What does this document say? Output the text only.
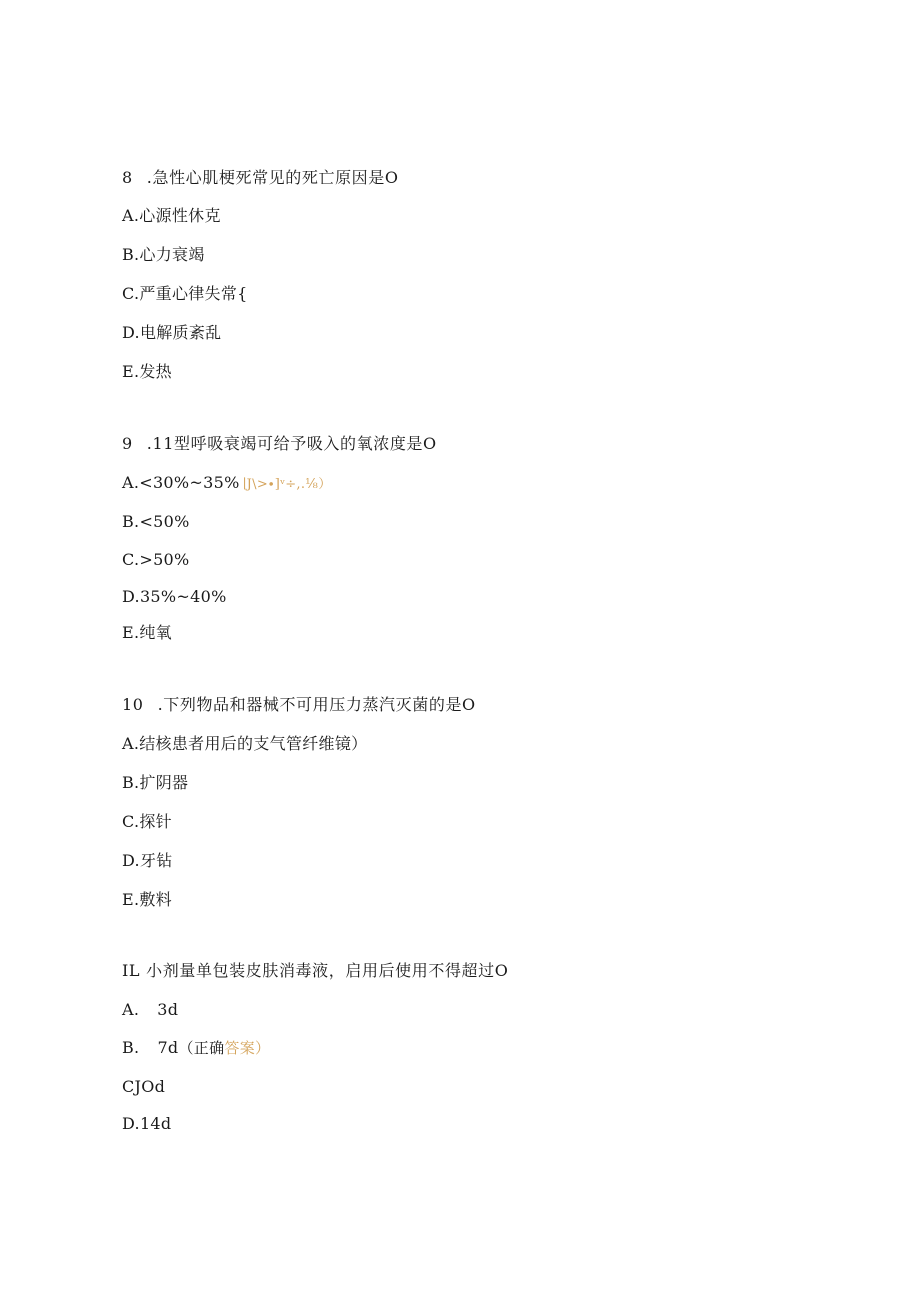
8 .急性心肌梗死常见的死亡原因是O
A.心源性休克
B.心力衰竭
C.严重心律失常{
D.电解质紊乱
E.发热
9 .11型呼吸衰竭可给予吸入的氧浓度是O
A.<30%~35% ∣J\>∙]ᵛ÷,.⅛）
B.<50%
C.>50%
D.35%~40%
E.纯氧
10 .下列物品和器械不可用压力蒸汽灭菌的是O
A.结核患者用后的支气管纤维镜）
B.扩阴器
C.探针
D.牙钻
E.敷料
IL 小剂量单包装皮肤消毒液，启用后使用不得超过O
A. 3d
B. 7d（正确答案）
CJOd
D.14d
